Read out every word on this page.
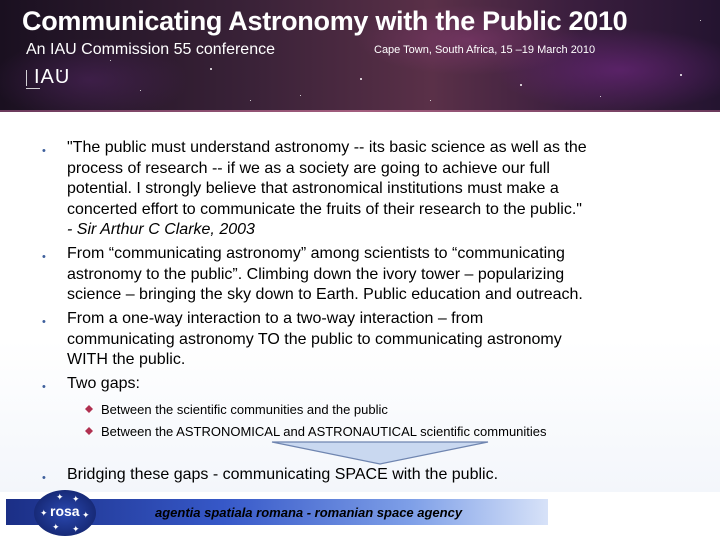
Communicating Astronomy with the Public 2010
An IAU Commission 55 conference	Cape Town, South Africa, 15 –19 March 2010
IAU
• "The public must understand astronomy -- its basic science as well as the
process of research -- if we as a society are going to achieve our full
potential. I strongly believe that astronomical institutions must make a
concerted effort to communicate the fruits of their research to the public."
- Sir Arthur C Clarke, 2003
• From “communicating astronomy” among scientists to “communicating
astronomy to the public”. Climbing down the ivory tower – popularizing
science – bringing the sky down to Earth. Public education and outreach.
• From a one-way interaction to a two-way interaction – from
communicating astronomy TO the public to communicating astronomy
WITH the public.
• Two gaps:
Between the scientific communities and the public
Between the ASTRONOMICAL and ASTRONAUTICAL scientific communities
• Bridging these gaps - communicating SPACE with the public.
agentia spatiala romana - romanian space agency
✦ ✦
✦	✦
✦ ✦
rosa
